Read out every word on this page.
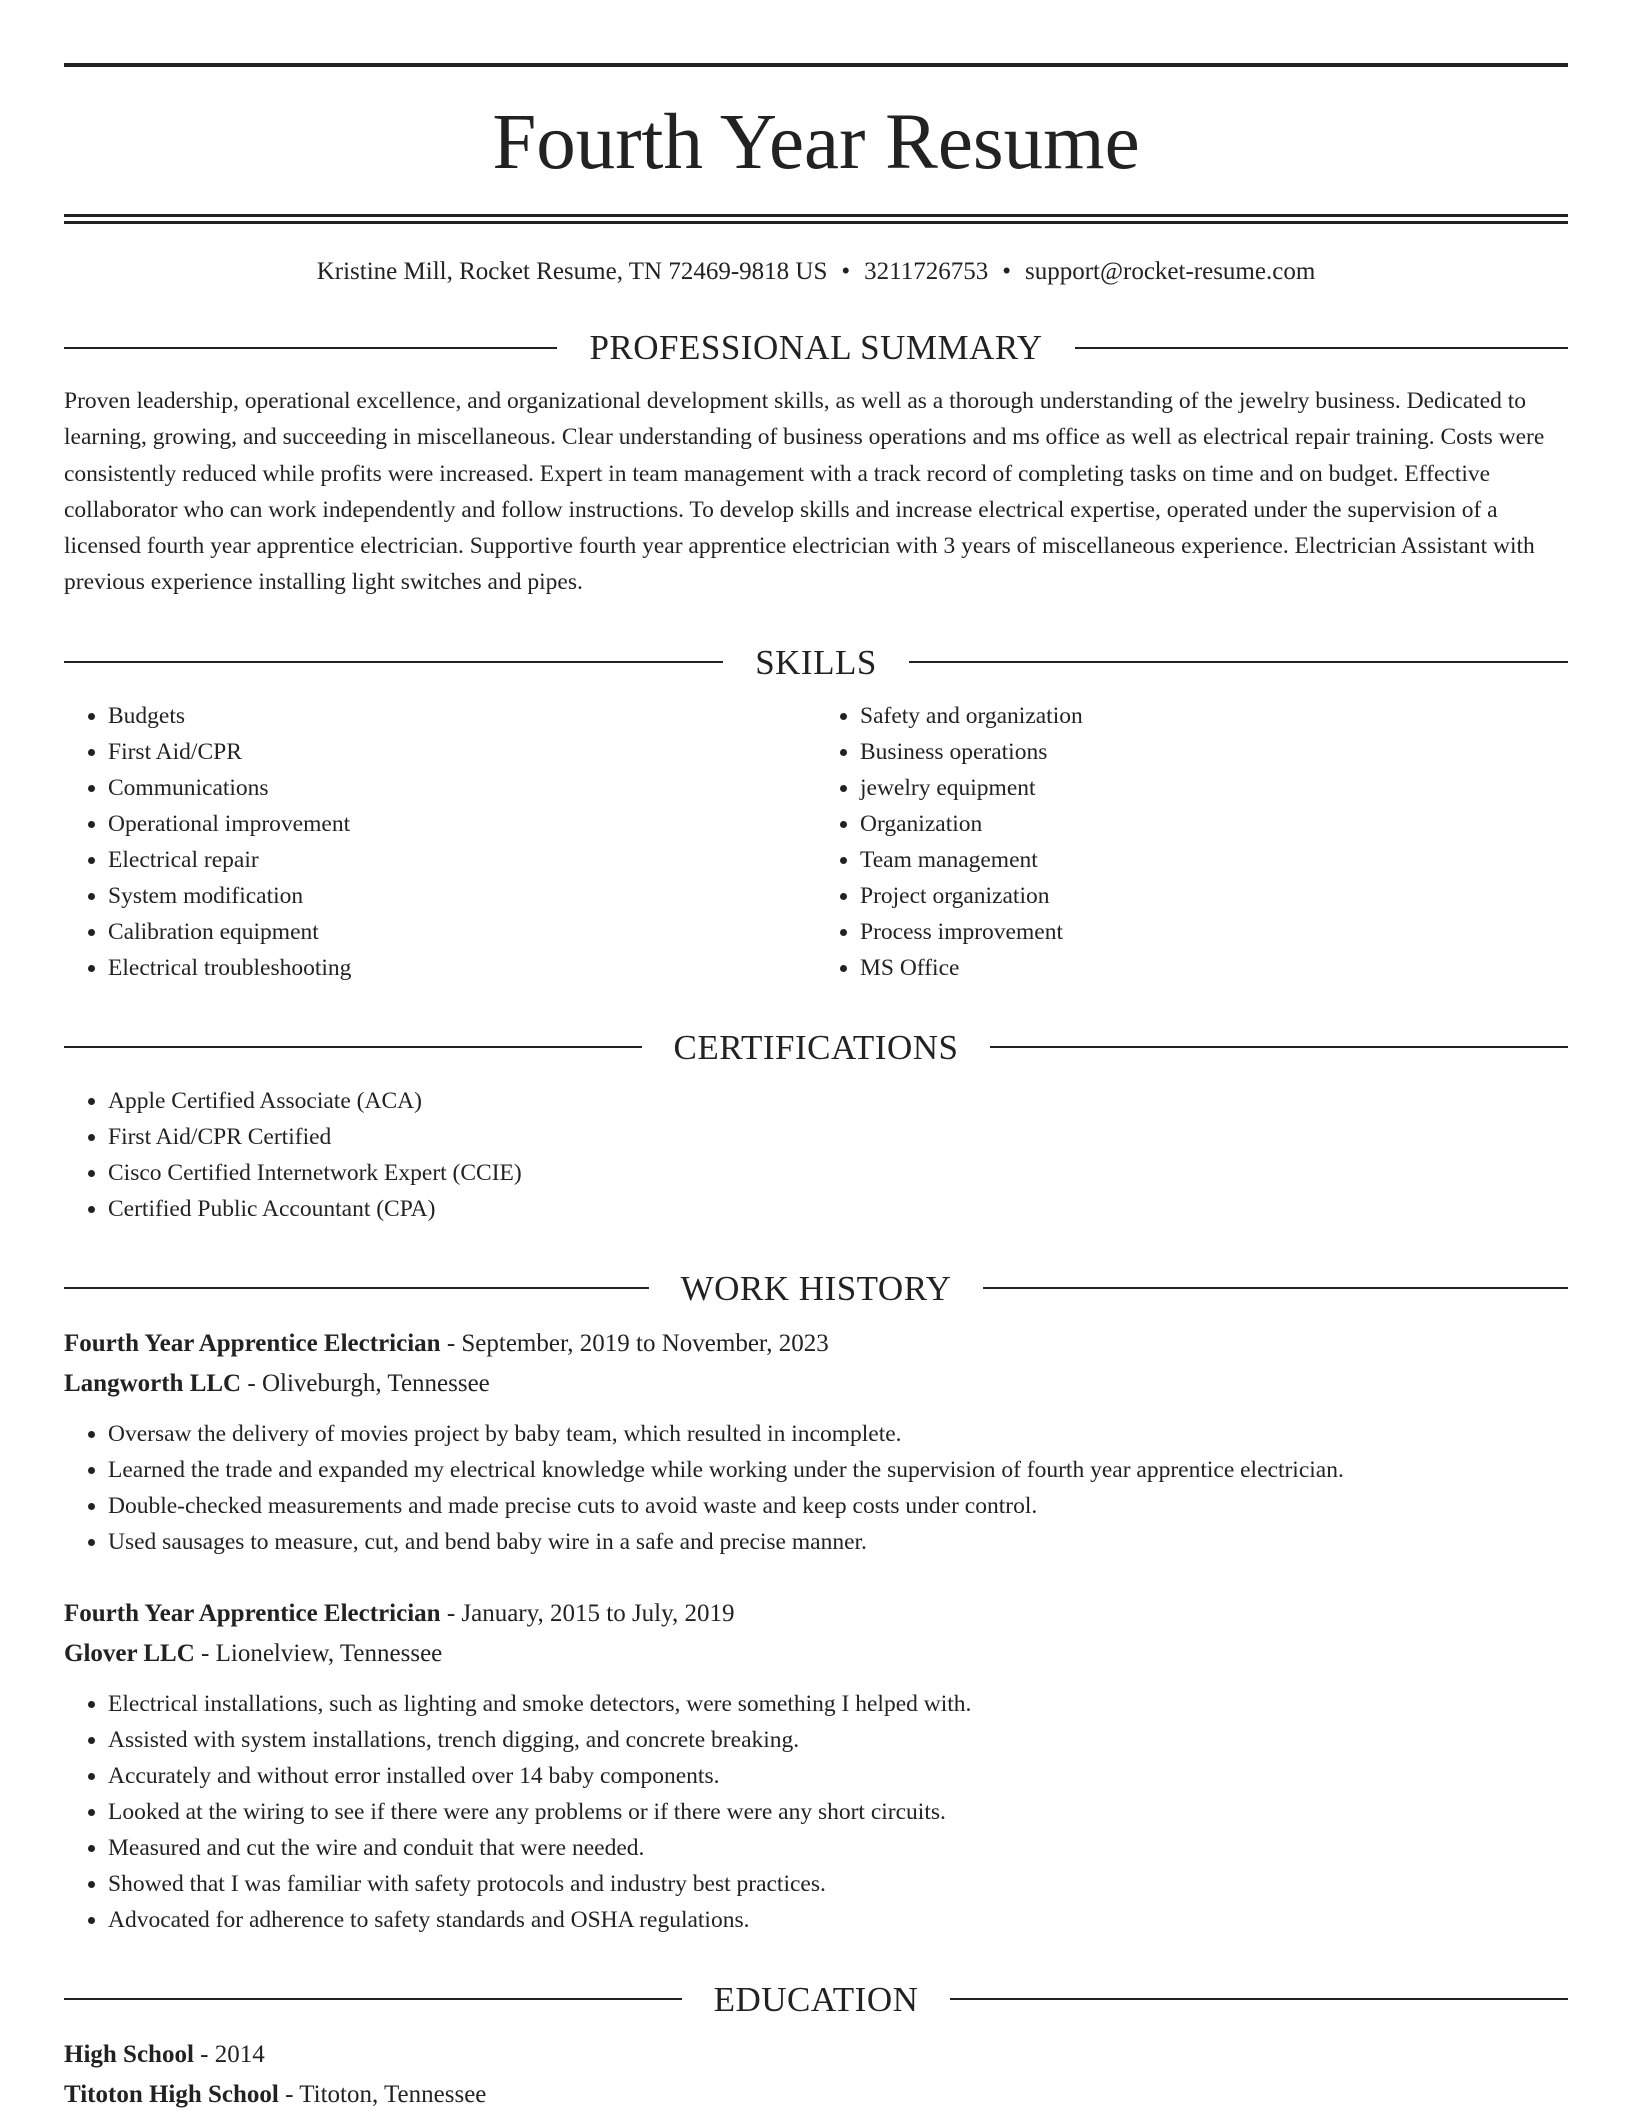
Fourth Year Resume
Kristine Mill, Rocket Resume, TN 72469-9818 US • 3211726753 • support@rocket-resume.com
PROFESSIONAL SUMMARY

Proven leadership, operational excellence, and organizational development skills, as well as a thorough understanding of the jewelry business. Dedicated to learning, growing, and succeeding in miscellaneous. Clear understanding of business operations and ms office as well as electrical repair training. Costs were consistently reduced while profits were increased. Expert in team management with a track record of completing tasks on time and on budget. Effective collaborator who can work independently and follow instructions. To develop skills and increase electrical expertise, operated under the supervision of a licensed fourth year apprentice electrician. Supportive fourth year apprentice electrician with 3 years of miscellaneous experience. Electrician Assistant with previous experience installing light switches and pipes.

SKILLS
• Budgets
• First Aid/CPR
• Communications
• Operational improvement
• Electrical repair
• System modification
• Calibration equipment
• Electrical troubleshooting
• Safety and organization
• Business operations
• jewelry equipment
• Organization
• Team management
• Project organization
• Process improvement
• MS Office
CERTIFICATIONS
• Apple Certified Associate (ACA)
• First Aid/CPR Certified
• Cisco Certified Internetwork Expert (CCIE)
• Certified Public Accountant (CPA)
WORK HISTORY
Fourth Year Apprentice Electrician - September, 2019 to November, 2023
Langworth LLC - Oliveburgh, Tennessee
• Oversaw the delivery of movies project by baby team, which resulted in incomplete.
• Learned the trade and expanded my electrical knowledge while working under the supervision of fourth year apprentice electrician.
• Double-checked measurements and made precise cuts to avoid waste and keep costs under control.
• Used sausages to measure, cut, and bend baby wire in a safe and precise manner.
Fourth Year Apprentice Electrician - January, 2015 to July, 2019
Glover LLC - Lionelview, Tennessee
• Electrical installations, such as lighting and smoke detectors, were something I helped with.
• Assisted with system installations, trench digging, and concrete breaking.
• Accurately and without error installed over 14 baby components.
• Looked at the wiring to see if there were any problems or if there were any short circuits.
• Measured and cut the wire and conduit that were needed.
• Showed that I was familiar with safety protocols and industry best practices.
• Advocated for adherence to safety standards and OSHA regulations.
EDUCATION
High School - 2014
Titoton High School - Titoton, Tennessee
